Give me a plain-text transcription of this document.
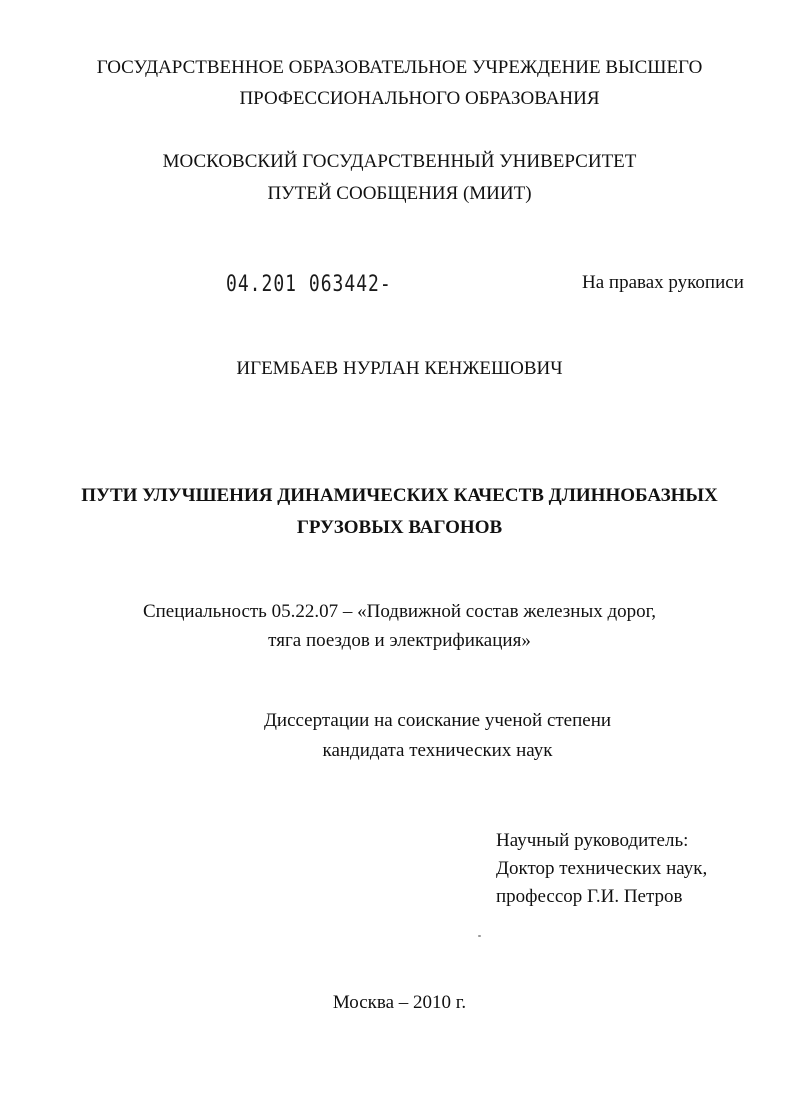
ГОСУДАРСТВЕННОЕ ОБРАЗОВАТЕЛЬНОЕ УЧРЕЖДЕНИЕ ВЫСШЕГО
ПРОФЕССИОНАЛЬНОГО ОБРАЗОВАНИЯ
МОСКОВСКИЙ ГОСУДАРСТВЕННЫЙ УНИВЕРСИТЕТ
ПУТЕЙ СООБЩЕНИЯ (МИИТ)
04.201 063442-	На правах рукописи
ИГЕМБАЕВ НУРЛАН КЕНЖЕШОВИЧ
ПУТИ УЛУЧШЕНИЯ ДИНАМИЧЕСКИХ КАЧЕСТВ ДЛИННОБАЗНЫХ
ГРУЗОВЫХ ВАГОНОВ
Специальность 05.22.07 – «Подвижной состав железных дорог,
тяга поездов и электрификация»
Диссертации на соискание ученой степени
кандидата технических наук
Научный руководитель:
Доктор технических наук,
профессор Г.И. Петров
Москва – 2010 г.
